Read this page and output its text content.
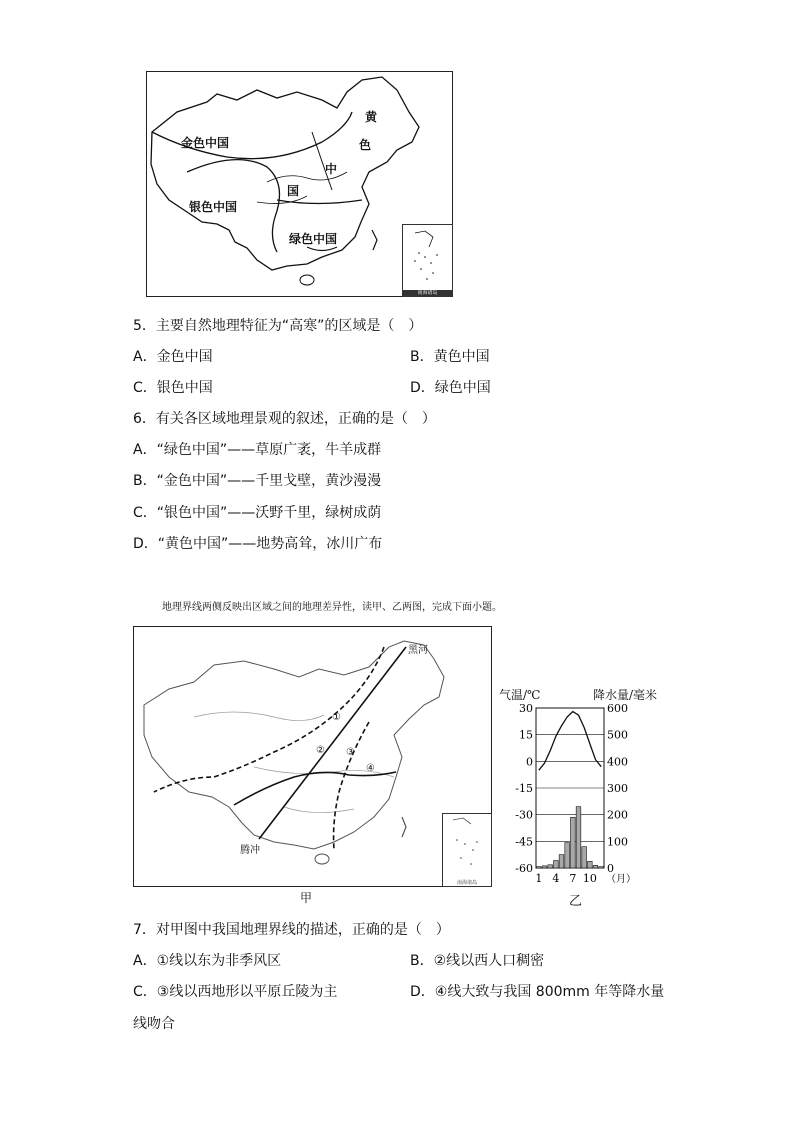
金色中国
银色中国
绿色中国
黄
色
中
国
南海诸岛
5．主要自然地理特征为“高寒”的区域是（　）
A．金色中国	B．黄色中国
C．银色中国	D．绿色中国
6．有关各区域地理景观的叙述，正确的是（　）
A．“绿色中国”——草原广袤，牛羊成群
B．“金色中国”——千里戈壁，黄沙漫漫
C．“银色中国”——沃野千里，绿树成荫
D．“黄色中国”——地势高耸，冰川广布
地理界线两侧反映出区域之间的地理差异性，读甲、乙两图，完成下面小题。
黑河
腾冲
①
② ③
④
南海诸岛
甲
气温/℃	降水量/毫米
30
15
0
-15
-30
-45
-60
600
500
400
300
200
100
0
1 4 7 10 （月）
乙
7．对甲图中我国地理界线的描述，正确的是（　）
A．①线以东为非季风区	B．②线以西人口稠密
C．③线以西地形以平原丘陵为主	D．④线大致与我国 800mm 年等降水量
线吻合
